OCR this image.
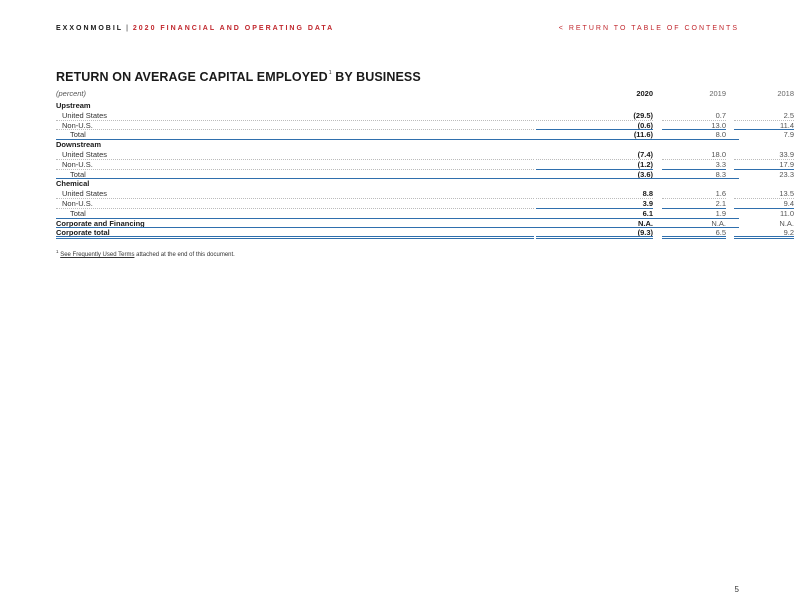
EXXONMOBIL | 2020 FINANCIAL AND OPERATING DATA	< RETURN TO TABLE OF CONTENTS
RETURN ON AVERAGE CAPITAL EMPLOYED$^1$ BY BUSINESS
(percent)	2020	2019	2018
Upstream
United States	(29.5)	0.7	2.5
Non-U.S.	(0.6)	13.0	11.4
Total	(11.6)	8.0	7.9
Downstream
United States	(7.4)	18.0	33.9
Non-U.S.	(1.2)	3.3	17.9
Total	(3.6)	8.3	23.3
Chemical
United States	8.8	1.6	13.5
Non-U.S.	3.9	2.1	9.4
Total	6.1	1.9	11.0
Corporate and Financing	N.A.	N.A.	N.A.
Corporate total	(9.3)	6.5	9.2
$^1$ See Frequently Used Terms attached at the end of this document.
5
